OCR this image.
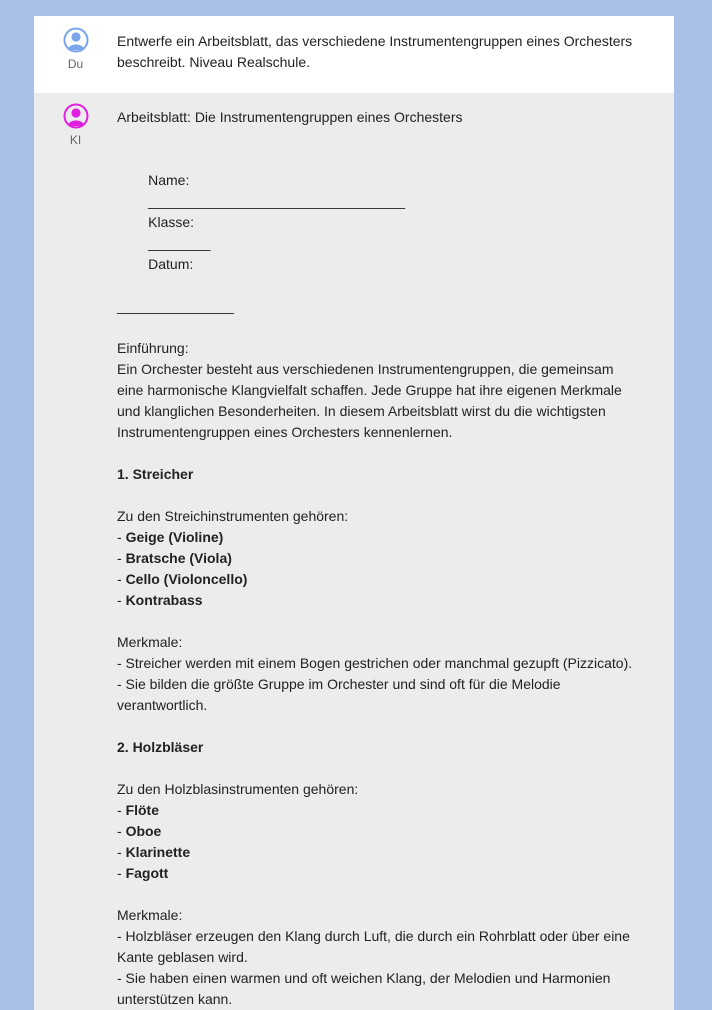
Du
Entwerfe ein Arbeitsblatt, das verschiedene Instrumentengruppen eines Orchesters
beschreibt. Niveau Realschule.
KI
Arbeitsblatt: Die Instrumentengruppen eines Orchesters

Name:
_________________________________
Klasse:
________
Datum:

_______________
Einführung:
Ein Orchester besteht aus verschiedenen Instrumentengruppen, die gemeinsam
eine harmonische Klangvielfalt schaffen. Jede Gruppe hat ihre eigenen Merkmale
und klanglichen Besonderheiten. In diesem Arbeitsblatt wirst du die wichtigsten
Instrumentengruppen eines Orchesters kennenlernen.
1. Streicher
Zu den Streichinstrumenten gehören:
- Geige (Violine)
- Bratsche (Viola)
- Cello (Violoncello)
- Kontrabass
Merkmale:
- Streicher werden mit einem Bogen gestrichen oder manchmal gezupft (Pizzicato).
- Sie bilden die größte Gruppe im Orchester und sind oft für die Melodie
verantwortlich.
2. Holzbläser
Zu den Holzblasinstrumenten gehören:
- Flöte
- Oboe
- Klarinette
- Fagott
Merkmale:
- Holzbläser erzeugen den Klang durch Luft, die durch ein Rohrblatt oder über eine
Kante geblasen wird.
- Sie haben einen warmen und oft weichen Klang, der Melodien und Harmonien
unterstützen kann.
